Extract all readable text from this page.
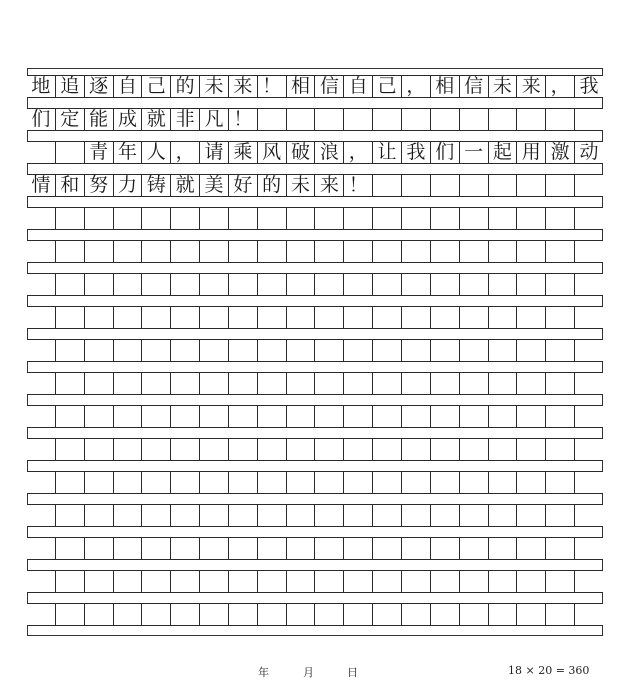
地 追 逐 自 己 的 未 来 ！ 相 信 自 己 ， 相 信 未 来 ， 我
们 定 能 成 就 非 凡 ！

青 年 人 ， 请 乘 风 破 浪 ， 让 我 们 一 起 用 激 动
情 和 努 力 铸 就 美 好 的 未 来 ！
年	月	日	18 × 20 = 360
